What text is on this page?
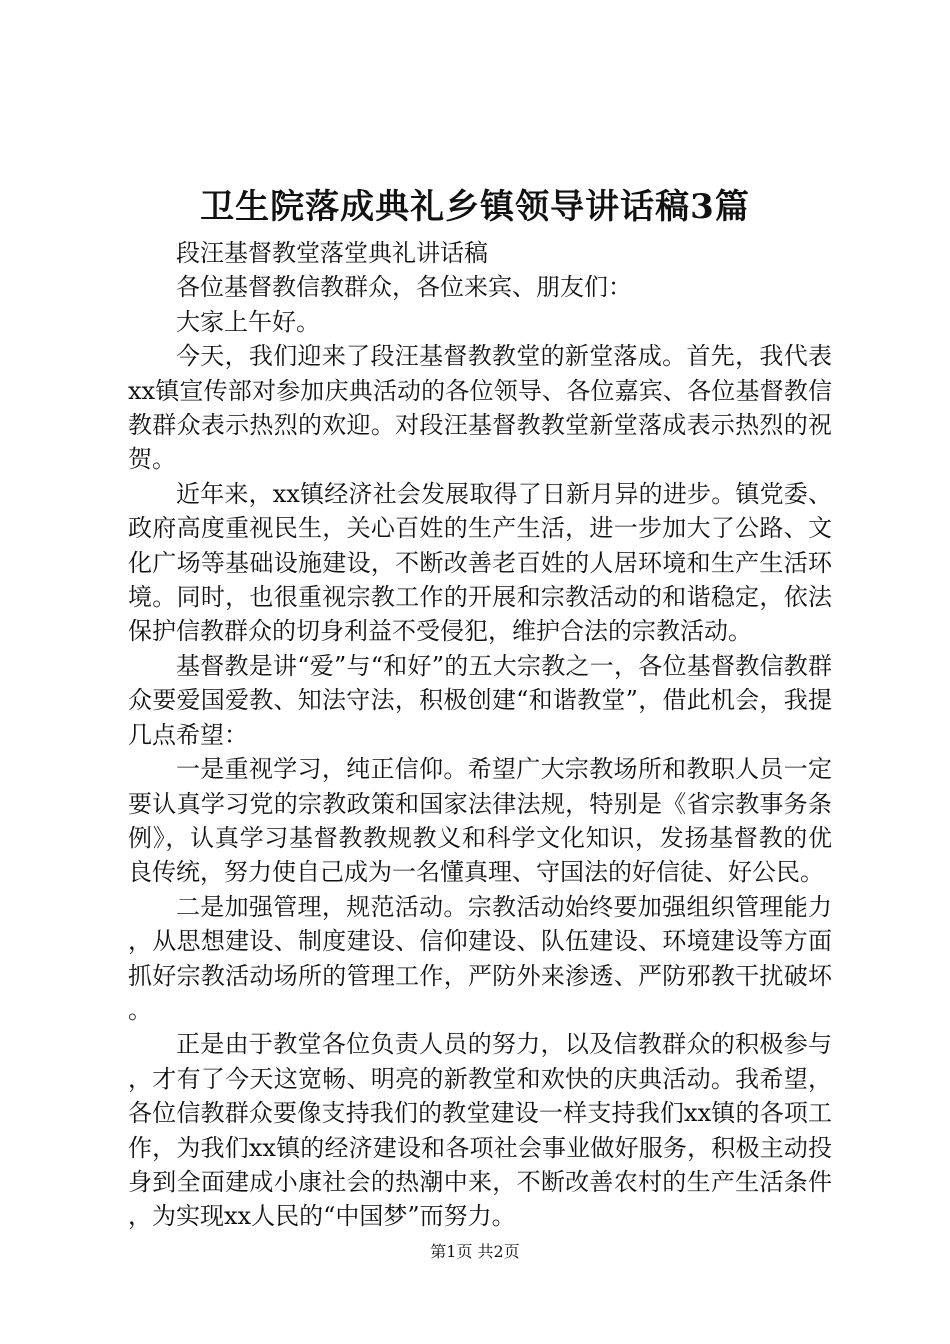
卫生院落成典礼乡镇领导讲话稿3篇

段汪基督教堂落堂典礼讲话稿

各位基督教信教群众，各位来宾、朋友们：

大家上午好。

今天，我们迎来了段汪基督教教堂的新堂落成。首先，我代表xx镇宣传部对参加庆典活动的各位领导、各位嘉宾、各位基督教信教群众表示热烈的欢迎。对段汪基督教教堂新堂落成表示热烈的祝贺。

近年来，xx镇经济社会发展取得了日新月异的进步。镇党委、政府高度重视民生，关心百姓的生产生活，进一步加大了公路、文化广场等基础设施建设，不断改善老百姓的人居环境和生产生活环境。同时，也很重视宗教工作的开展和宗教活动的和谐稳定，依法保护信教群众的切身利益不受侵犯，维护合法的宗教活动。

基督教是讲“爱”与“和好”的五大宗教之一，各位基督教信教群众要爱国爱教、知法守法，积极创建“和谐教堂”，借此机会，我提几点希望：

一是重视学习，纯正信仰。希望广大宗教场所和教职人员一定要认真学习党的宗教政策和国家法律法规，特别是《省宗教事务条例》，认真学习基督教教规教义和科学文化知识，发扬基督教的优良传统，努力使自己成为一名懂真理、守国法的好信徒、好公民。

二是加强管理，规范活动。宗教活动始终要加强组织管理能力，从思想建设、制度建设、信仰建设、队伍建设、环境建设等方面抓好宗教活动场所的管理工作，严防外来渗透、严防邪教干扰破坏。

正是由于教堂各位负责人员的努力，以及信教群众的积极参与，才有了今天这宽畅、明亮的新教堂和欢快的庆典活动。我希望，各位信教群众要像支持我们的教堂建设一样支持我们xx镇的各项工作，为我们xx镇的经济建设和各项社会事业做好服务，积极主动投身到全面建成小康社会的热潮中来，不断改善农村的生产生活条件，为实现xx人民的“中国梦”而努力。

第1页 共2页
